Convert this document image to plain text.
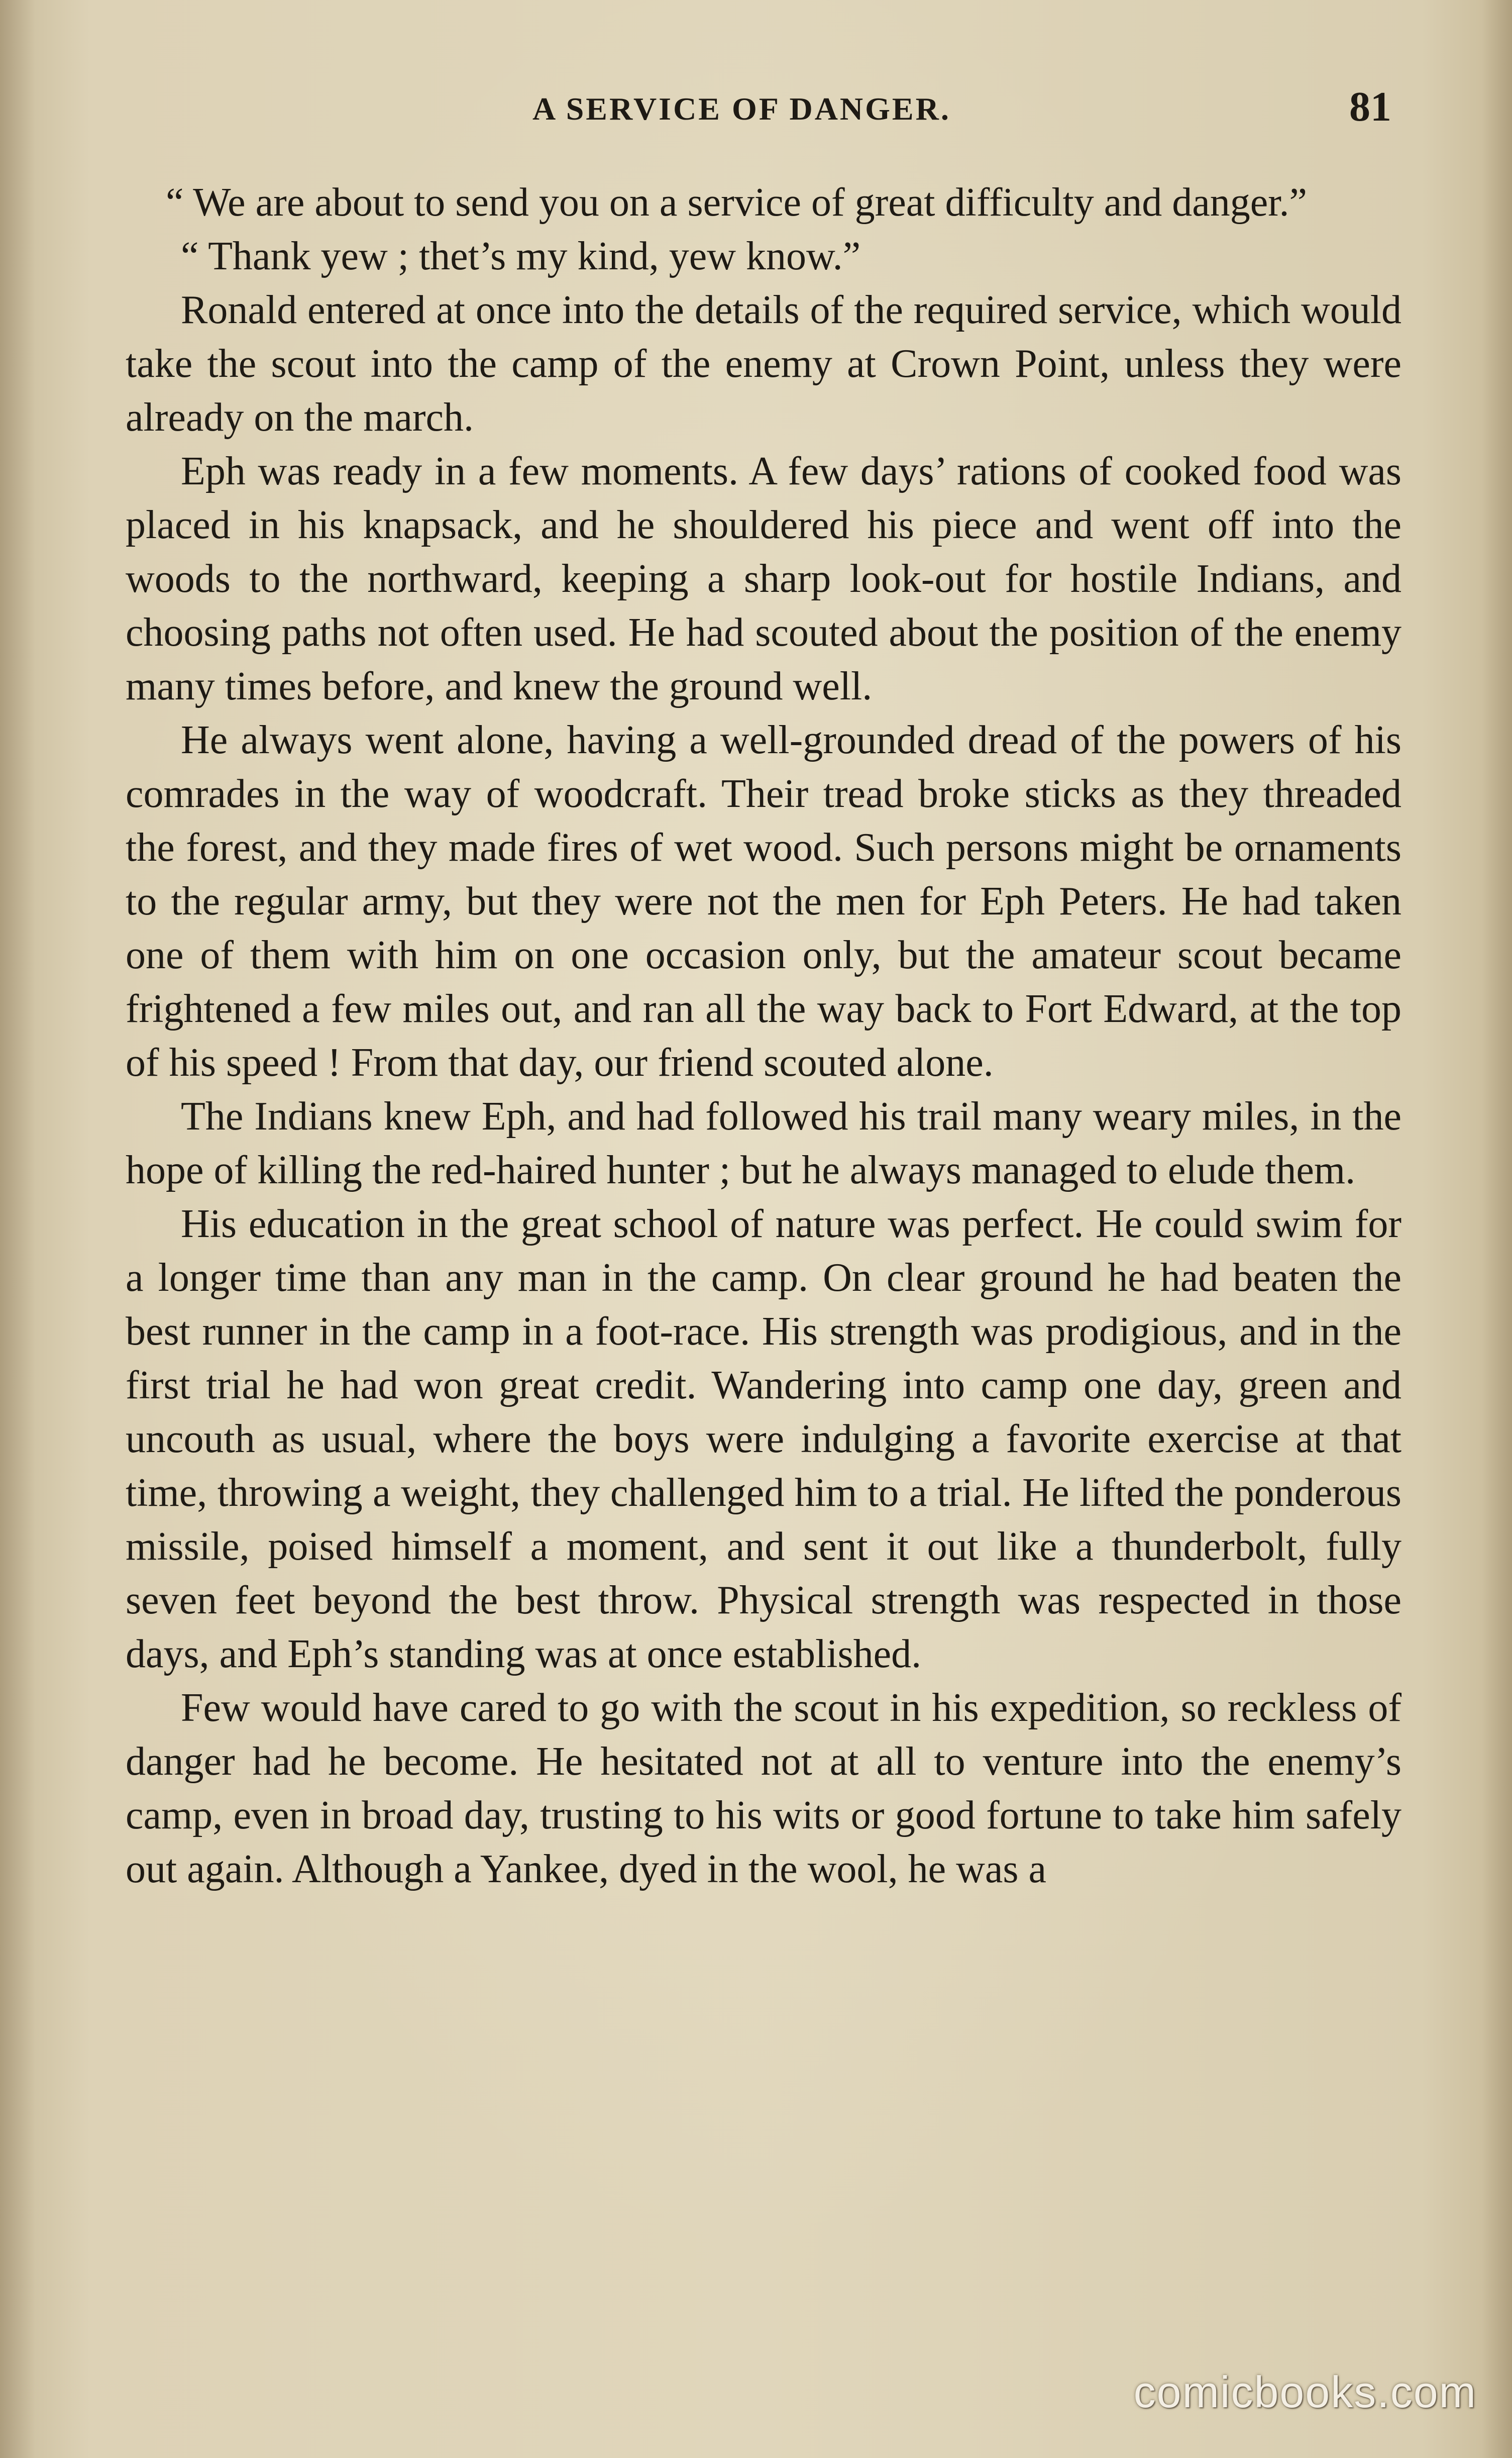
A SERVICE OF DANGER.	81

“ We are about to send you on a service of great difficulty and danger.”

“ Thank yew ; thet’s my kind, yew know.”

Ronald entered at once into the details of the required service, which would take the scout into the camp of the enemy at Crown Point, unless they were already on the march.

Eph was ready in a few moments. A few days’ rations of cooked food was placed in his knapsack, and he shouldered his piece and went off into the woods to the northward, keeping a sharp look-out for hostile Indians, and choosing paths not often used. He had scouted about the position of the enemy many times before, and knew the ground well.

He always went alone, having a well-grounded dread of the powers of his comrades in the way of woodcraft. Their tread broke sticks as they threaded the forest, and they made fires of wet wood. Such persons might be ornaments to the regular army, but they were not the men for Eph Peters. He had taken one of them with him on one occasion only, but the amateur scout became frightened a few miles out, and ran all the way back to Fort Edward, at the top of his speed ! From that day, our friend scouted alone.

The Indians knew Eph, and had followed his trail many weary miles, in the hope of killing the red-haired hunter ; but he always managed to elude them.

His education in the great school of nature was perfect. He could swim for a longer time than any man in the camp. On clear ground he had beaten the best runner in the camp in a foot-race. His strength was prodigious, and in the first trial he had won great credit. Wandering into camp one day, green and uncouth as usual, where the boys were indulging a favorite exercise at that time, throwing a weight, they challenged him to a trial. He lifted the ponderous missile, poised himself a moment, and sent it out like a thunderbolt, fully seven feet beyond the best throw. Physical strength was respected in those days, and Eph’s standing was at once established.

Few would have cared to go with the scout in his expedition, so reckless of danger had he become. He hesitated not at all to venture into the enemy’s camp, even in broad day, trusting to his wits or good fortune to take him safely out again. Although a Yankee, dyed in the wool, he was a

comicbooks.com
